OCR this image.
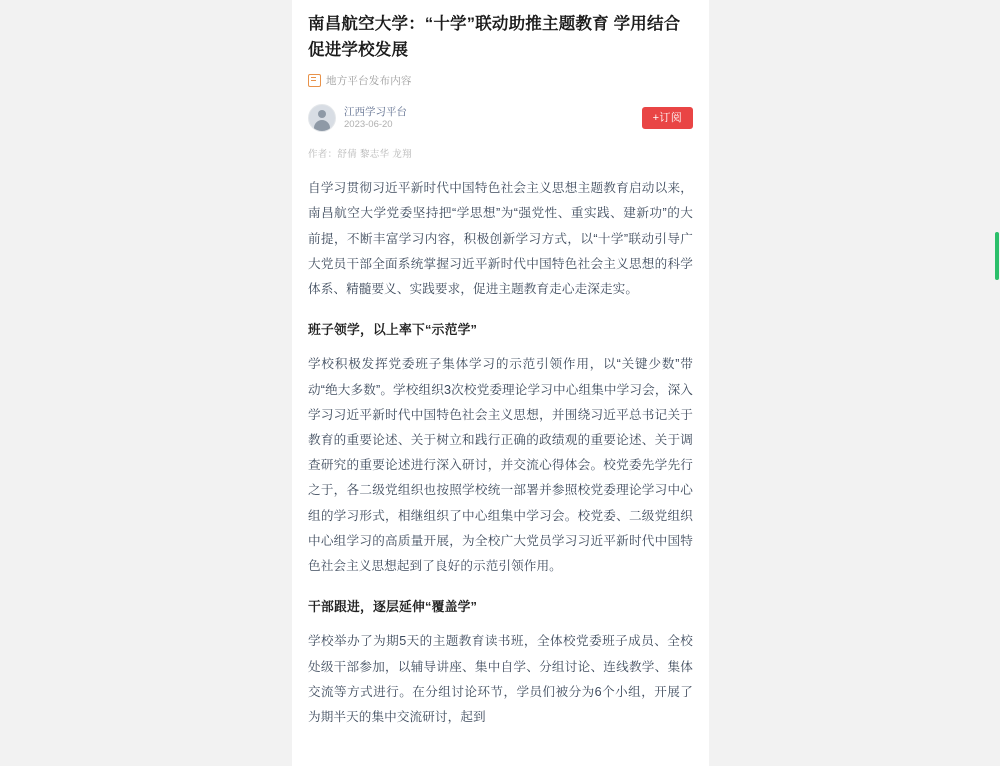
南昌航空大学：“十学”联动助推主题教育 学用结合促进学校发展
地方平台发布内容
江西学习平台
2023-06-20
+订阅
作者：舒倩 黎志华 龙翔

自学习贯彻习近平新时代中国特色社会主义思想主题教育启动以来，南昌航空大学党委坚持把“学思想”为“强党性、重实践、建新功”的大前提，不断丰富学习内容，积极创新学习方式，以“十学”联动引导广大党员干部全面系统掌握习近平新时代中国特色社会主义思想的科学体系、精髓要义、实践要求，促进主题教育走心走深走实。

班子领学，以上率下“示范学”

学校积极发挥党委班子集体学习的示范引领作用，以“关键少数”带动“绝大多数”。学校组织3次校党委理论学习中心组集中学习会，深入学习习近平新时代中国特色社会主义思想，并围绕习近平总书记关于教育的重要论述、关于树立和践行正确的政绩观的重要论述、关于调查研究的重要论述进行深入研讨，并交流心得体会。校党委先学先行之于，各二级党组织也按照学校统一部署并参照校党委理论学习中心组的学习形式，相继组织了中心组集中学习会。校党委、二级党组织中心组学习的高质量开展，为全校广大党员学习习近平新时代中国特色社会主义思想起到了良好的示范引领作用。

干部跟进，逐层延伸“覆盖学”

学校举办了为期5天的主题教育读书班，全体校党委班子成员、全校处级干部参加，以辅导讲座、集中自学、分组讨论、连线教学、集体交流等方式进行。在分组讨论环节，学员们被分为6个小组，开展了为期半天的集中交流研讨，起到
